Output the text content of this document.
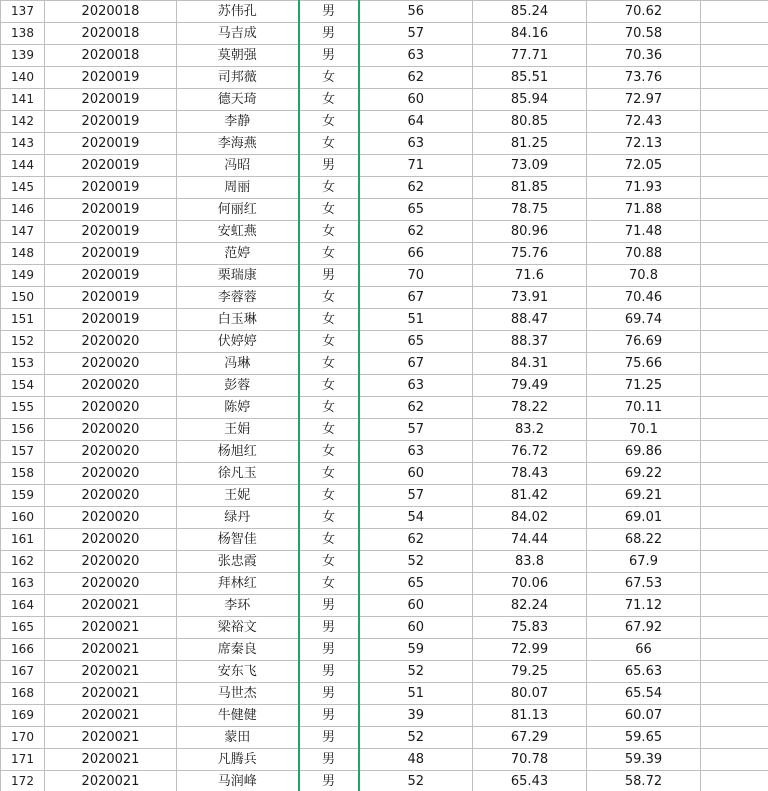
137	2020018	苏伟孔	男	56	85.24	70.62	
138	2020018	马吉成	男	57	84.16	70.58	
139	2020018	莫朝强	男	63	77.71	70.36	
140	2020019	司邦薇	女	62	85.51	73.76	
141	2020019	德天琦	女	60	85.94	72.97	
142	2020019	李静	女	64	80.85	72.43	
143	2020019	李海燕	女	63	81.25	72.13	
144	2020019	冯昭	男	71	73.09	72.05	
145	2020019	周丽	女	62	81.85	71.93	
146	2020019	何丽红	女	65	78.75	71.88	
147	2020019	安虹燕	女	62	80.96	71.48	
148	2020019	范婷	女	66	75.76	70.88	
149	2020019	栗瑞康	男	70	71.6	70.8	
150	2020019	李蓉蓉	女	67	73.91	70.46	
151	2020019	白玉琳	女	51	88.47	69.74	
152	2020020	伏婷婷	女	65	88.37	76.69	
153	2020020	冯琳	女	67	84.31	75.66	
154	2020020	彭蓉	女	63	79.49	71.25	
155	2020020	陈婷	女	62	78.22	70.11	
156	2020020	王娟	女	57	83.2	70.1	
157	2020020	杨旭红	女	63	76.72	69.86	
158	2020020	徐凡玉	女	60	78.43	69.22	
159	2020020	王妮	女	57	81.42	69.21	
160	2020020	绿丹	女	54	84.02	69.01	
161	2020020	杨智佳	女	62	74.44	68.22	
162	2020020	张忠霞	女	52	83.8	67.9	
163	2020020	拜林红	女	65	70.06	67.53	
164	2020021	李环	男	60	82.24	71.12	
165	2020021	梁裕文	男	60	75.83	67.92	
166	2020021	席秦良	男	59	72.99	66	
167	2020021	安东飞	男	52	79.25	65.63	
168	2020021	马世杰	男	51	80.07	65.54	
169	2020021	牛健健	男	39	81.13	60.07	
170	2020021	蒙田	男	52	67.29	59.65	
171	2020021	凡腾兵	男	48	70.78	59.39	
172	2020021	马润峰	男	52	65.43	58.72	
